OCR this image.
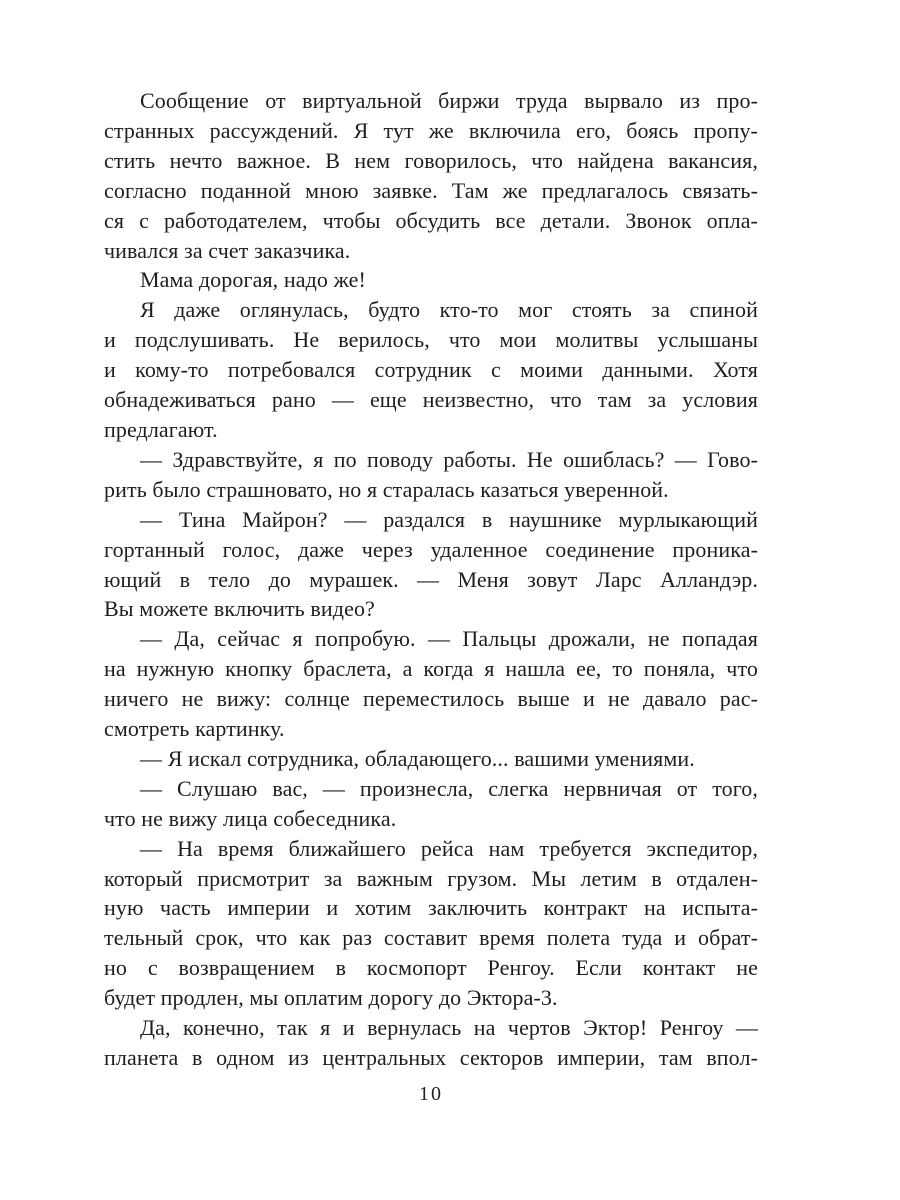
Сообщение от виртуальной биржи труда вырвало из про-
странных рассуждений. Я тут же включила его, боясь пропу-
стить нечто важное. В нем говорилось, что найдена вакансия,
согласно поданной мною заявке. Там же предлагалось связать-
ся с работодателем, чтобы обсудить все детали. Звонок опла-
чивался за счет заказчика.
Мама дорогая, надо же!
Я даже оглянулась, будто кто-то мог стоять за спиной
и подслушивать. Не верилось, что мои молитвы услышаны
и кому-то потребовался сотрудник с моими данными. Хотя
обнадеживаться рано — еще неизвестно, что там за условия
предлагают.
— Здравствуйте, я по поводу работы. Не ошиблась? — Гово-
рить было страшновато, но я старалась казаться уверенной.
— Тина Майрон? — раздался в наушнике мурлыкающий
гортанный голос, даже через удаленное соединение проника-
ющий в тело до мурашек. — Меня зовут Ларс Алландэр.
Вы можете включить видео?
— Да, сейчас я попробую. — Пальцы дрожали, не попадая
на нужную кнопку браслета, а когда я нашла ее, то поняла, что
ничего не вижу: солнце переместилось выше и не давало рас-
смотреть картинку.
— Я искал сотрудника, обладающего... вашими умениями.
— Слушаю вас, — произнесла, слегка нервничая от того,
что не вижу лица собеседника.
— На время ближайшего рейса нам требуется экспедитор,
который присмотрит за важным грузом. Мы летим в отдален-
ную часть империи и хотим заключить контракт на испыта-
тельный срок, что как раз составит время полета туда и обрат-
но с возвращением в космопорт Ренгоу. Если контакт не
будет продлен, мы оплатим дорогу до Эктора-3.
Да, конечно, так я и вернулась на чертов Эктор! Ренгоу —
планета в одном из центральных секторов империи, там впол-
10
